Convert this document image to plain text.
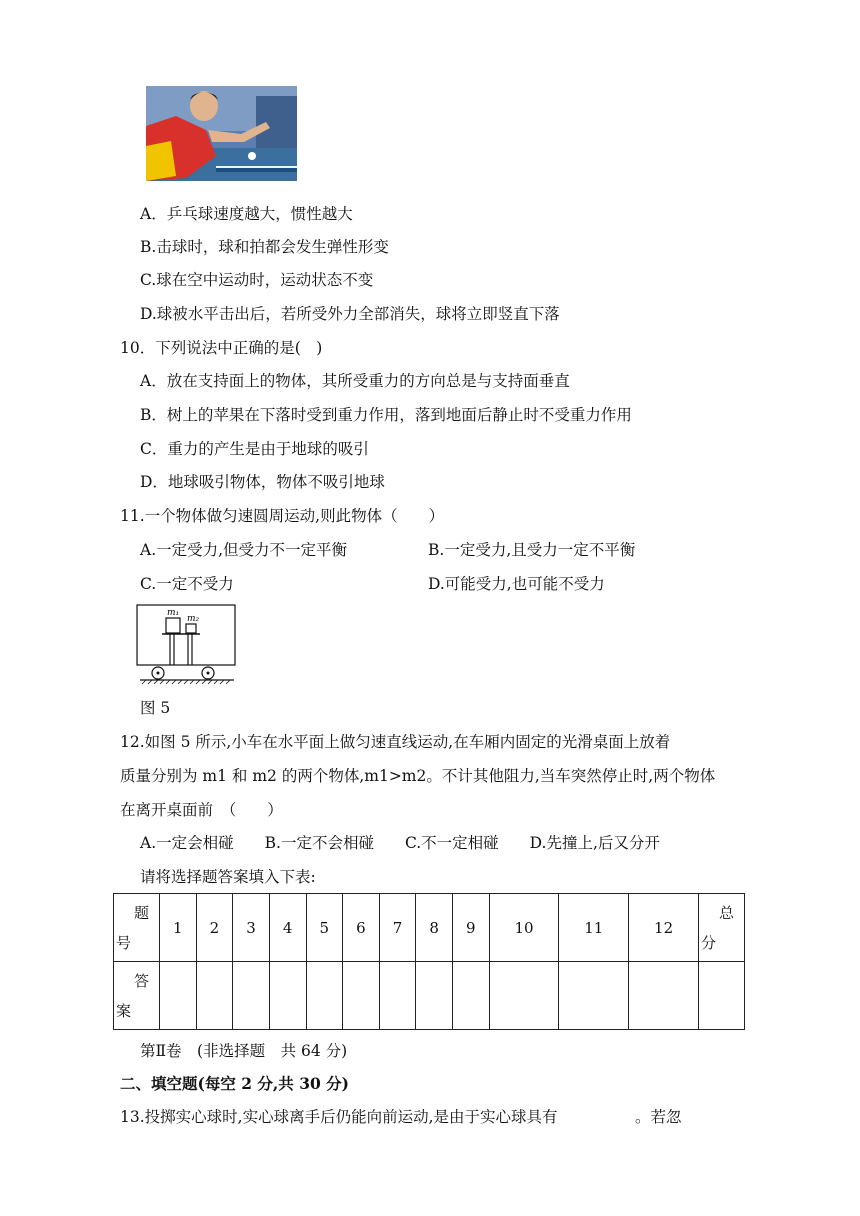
A．乒乓球速度越大，惯性越大
B.击球时，球和拍都会发生弹性形变
C.球在空中运动时，运动状态不变
D.球被水平击出后，若所受外力全部消失，球将立即竖直下落
10．下列说法中正确的是(　)
A．放在支持面上的物体，其所受重力的方向总是与支持面垂直
B．树上的苹果在下落时受到重力作用，落到地面后静止时不受重力作用
C．重力的产生是由于地球的吸引
D．地球吸引物体，物体不吸引地球
11.一个物体做匀速圆周运动,则此物体（　　）
A.一定受力,但受力不一定平衡	B.一定受力,且受力一定不平衡
C.一定不受力	D.可能受力,也可能不受力
m₁
m₂
图 5
12.如图 5 所示,小车在水平面上做匀速直线运动,在车厢内固定的光滑桌面上放着
质量分别为 m1 和 m2 的两个物体,m1>m2。不计其他阻力,当车突然停止时,两个物体
在离开桌面前　（　　）
A.一定会相碰　　B.一定不会相碰　　C.不一定相碰　　D.先撞上,后又分开
请将选择题答案填入下表:
题
号	1	2	3	4	5	6	7	8	9	10	11	12	总
分

答
案													

第Ⅱ卷　(非选择题　共 64 分)
二、填空题(每空 2 分,共 30 分)
13.投掷实心球时,实心球离手后仍能向前运动,是由于实心球具有　　　　　。若忽
